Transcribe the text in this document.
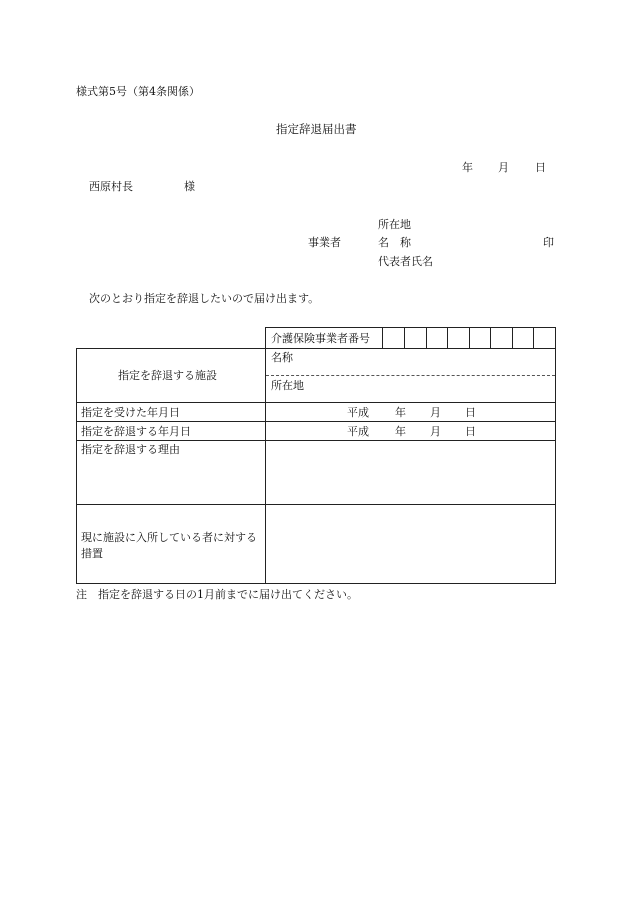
様式第5号（第4条関係）
指定辞退届出書
年 月 日
西原村長	様
所在地
事業者	名　称	印
代表者氏名
次のとおり指定を辞退したいので届け出ます。
介護保険事業者番号
指定を辞退する施設
名称
所在地
指定を受けた年月日	平成 年 月 日
指定を辞退する年月日	平成 年 月 日
指定を辞退する理由
現に施設に入所している者に対する措置
注　指定を辞退する日の1月前までに届け出てください。
